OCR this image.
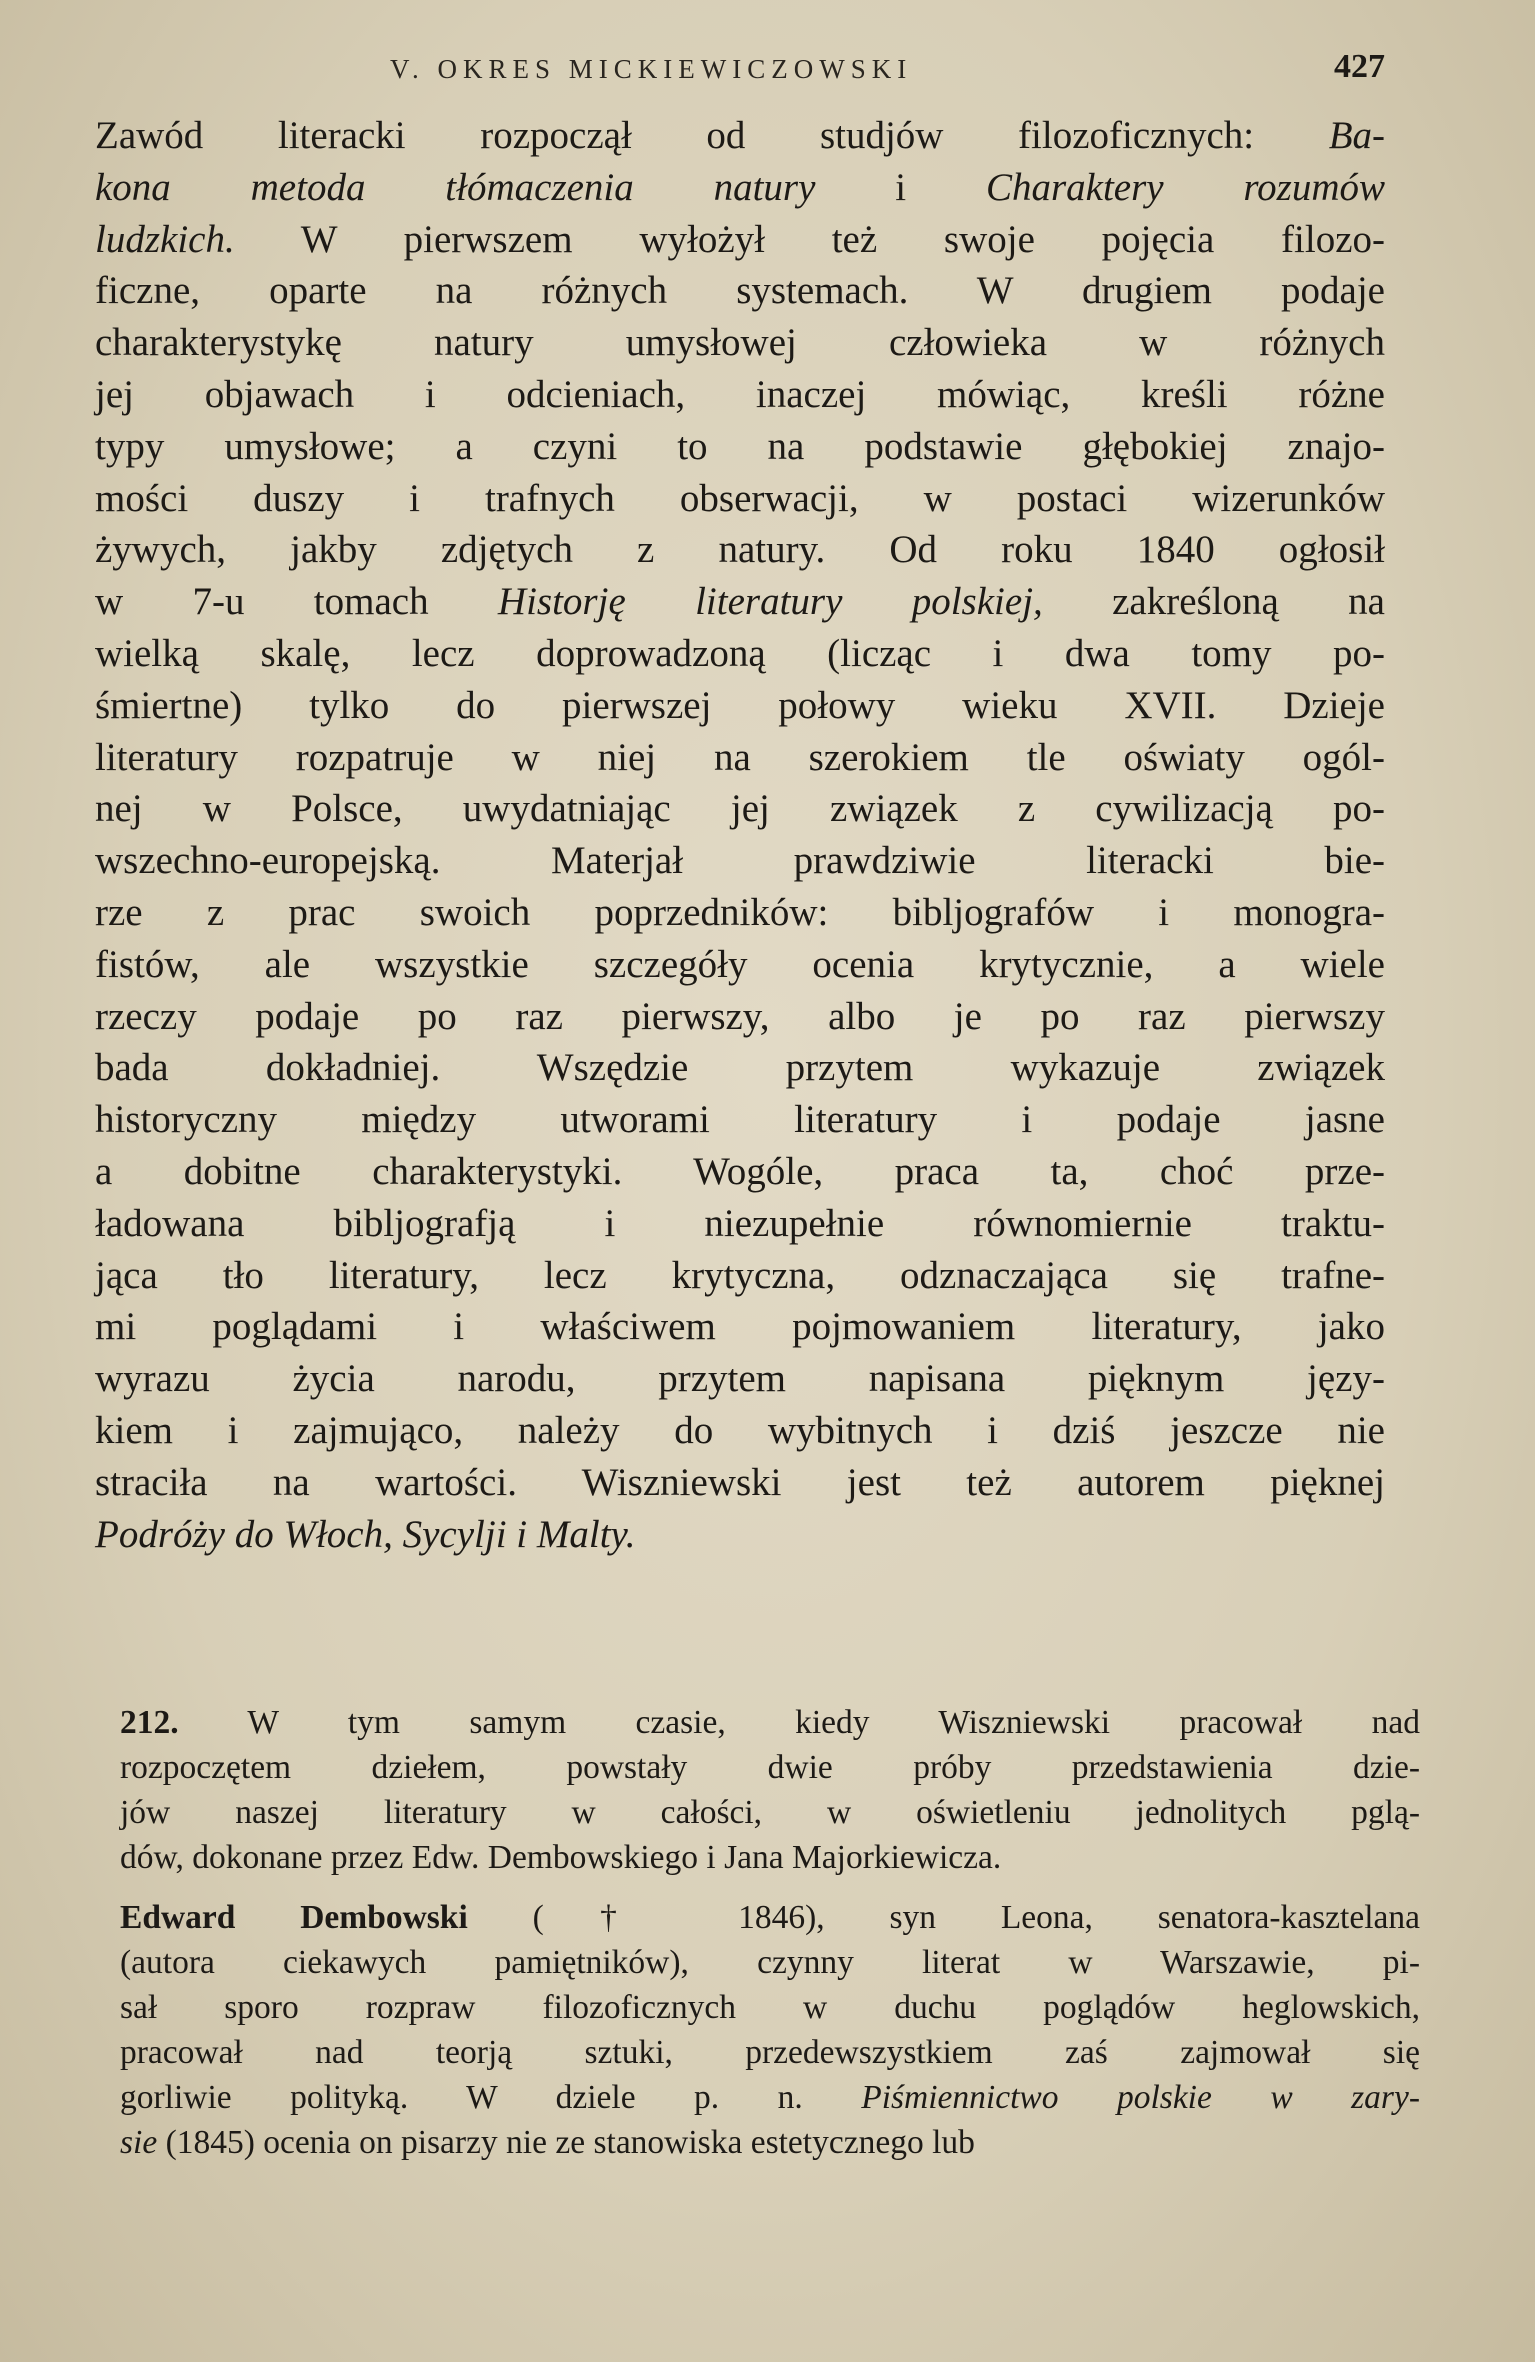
V. OKRES MICKIEWICZOWSKI	427
Zawód literacki rozpoczął od studjów filozoficznych: Ba-
kona metoda tłómaczenia natury i Charaktery rozumów
ludzkich. W pierwszem wyłożył też swoje pojęcia filozo-
ficzne, oparte na różnych systemach. W drugiem podaje
charakterystykę natury umysłowej człowieka w różnych
jej objawach i odcieniach, inaczej mówiąc, kreśli różne
typy umysłowe; a czyni to na podstawie głębokiej znajo-
mości duszy i trafnych obserwacji, w postaci wizerunków
żywych, jakby zdjętych z natury. Od roku 1840 ogłosił
w 7-u tomach Historję literatury polskiej, zakreśloną na
wielką skalę, lecz doprowadzoną (licząc i dwa tomy po-
śmiertne) tylko do pierwszej połowy wieku XVII. Dzieje
literatury rozpatruje w niej na szerokiem tle oświaty ogól-
nej w Polsce, uwydatniając jej związek z cywilizacją po-
wszechno-europejską. Materjał prawdziwie literacki bie-
rze z prac swoich poprzedników: bibljografów i monogra-
fistów, ale wszystkie szczegóły ocenia krytycznie, a wiele
rzeczy podaje po raz pierwszy, albo je po raz pierwszy
bada dokładniej. Wszędzie przytem wykazuje związek
historyczny między utworami literatury i podaje jasne
a dobitne charakterystyki. Wogóle, praca ta, choć prze-
ładowana bibljografją i niezupełnie równomiernie traktu-
jąca tło literatury, lecz krytyczna, odznaczająca się trafne-
mi poglądami i właściwem pojmowaniem literatury, jako
wyrazu życia narodu, przytem napisana pięknym języ-
kiem i zajmująco, należy do wybitnych i dziś jeszcze nie
straciła na wartości. Wiszniewski jest też autorem pięknej
Podróży do Włoch, Sycylji i Malty.
212. W tym samym czasie, kiedy Wiszniewski pracował nad
rozpoczętem dziełem, powstały dwie próby przedstawienia dzie-
jów naszej literatury w całości, w oświetleniu jednolitych pglą-
dów, dokonane przez Edw. Dembowskiego i Jana Majorkiewicza.
Edward Dembowski († 1846), syn Leona, senatora-kasztelana
(autora ciekawych pamiętników), czynny literat w Warszawie, pi-
sał sporo rozpraw filozoficznych w duchu poglądów heglowskich,
pracował nad teorją sztuki, przedewszystkiem zaś zajmował się
gorliwie polityką. W dziele p. n. Piśmiennictwo polskie w zary-
sie (1845) ocenia on pisarzy nie ze stanowiska estetycznego lub
